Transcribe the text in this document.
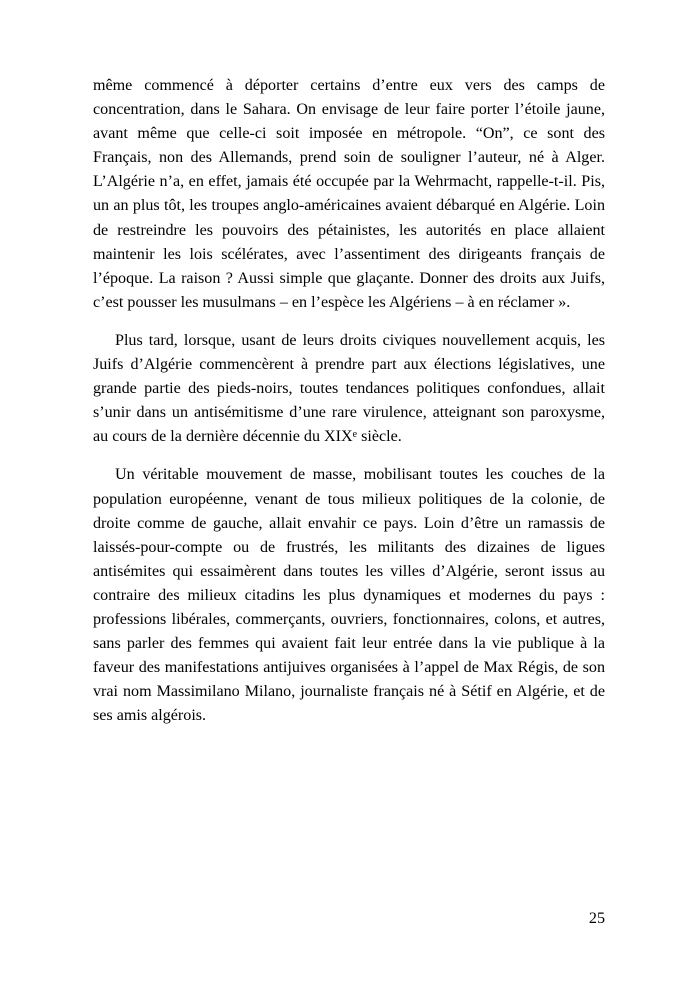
même commencé à déporter certains d’entre eux vers des camps de concentration, dans le Sahara. On envisage de leur faire porter l’étoile jaune, avant même que celle-ci soit imposée en métropole. “On”, ce sont des Français, non des Allemands, prend soin de souligner l’auteur, né à Alger. L’Algérie n’a, en effet, jamais été occupée par la Wehrmacht, rappelle-t-il. Pis, un an plus tôt, les troupes anglo-américaines avaient débarqué en Algérie. Loin de restreindre les pouvoirs des pétainistes, les autorités en place allaient maintenir les lois scélérates, avec l’assentiment des dirigeants français de l’époque. La raison ? Aussi simple que glaçante. Donner des droits aux Juifs, c’est pousser les musulmans – en l’espèce les Algériens – à en réclamer ».

Plus tard, lorsque, usant de leurs droits civiques nouvellement acquis, les Juifs d’Algérie commencèrent à prendre part aux élections législatives, une grande partie des pieds-noirs, toutes tendances politiques confondues, allait s’unir dans un antisémitisme d’une rare virulence, atteignant son paroxysme, au cours de la dernière décennie du XIXe siècle.

Un véritable mouvement de masse, mobilisant toutes les couches de la population européenne, venant de tous milieux politiques de la colonie, de droite comme de gauche, allait envahir ce pays. Loin d’être un ramassis de laissés-pour-compte ou de frustrés, les militants des dizaines de ligues antisémites qui essaimèrent dans toutes les villes d’Algérie, seront issus au contraire des milieux citadins les plus dynamiques et modernes du pays : professions libérales, commerçants, ouvriers, fonctionnaires, colons, et autres, sans parler des femmes qui avaient fait leur entrée dans la vie publique à la faveur des manifestations antijuives organisées à l’appel de Max Régis, de son vrai nom Massimilano Milano, journaliste français né à Sétif en Algérie, et de ses amis algérois.

25
